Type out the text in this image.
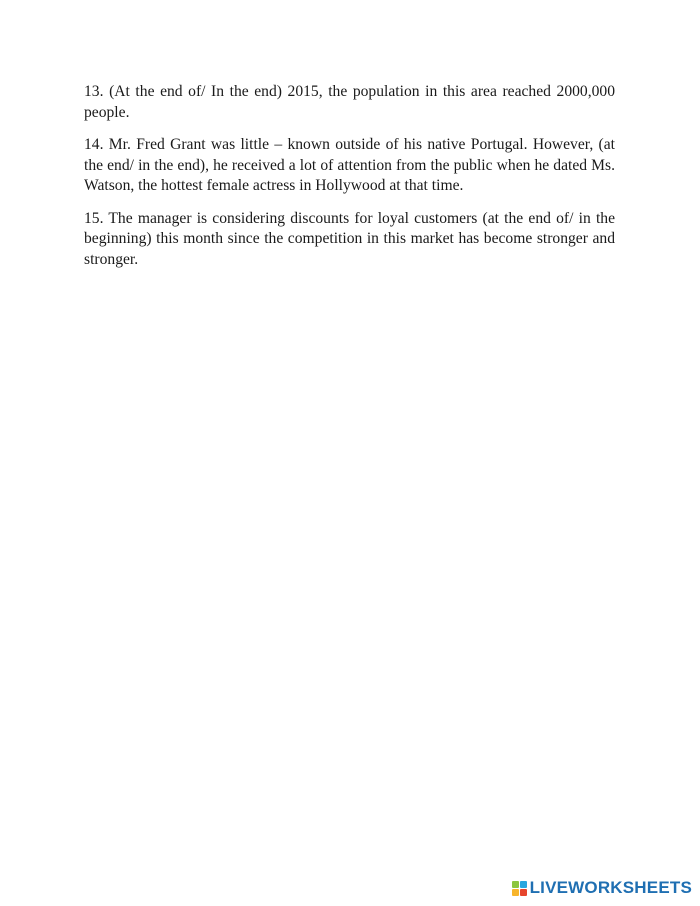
13. (At the end of/ In the end) 2015, the population in this area reached 2000,000 people.

14. Mr. Fred Grant was little – known outside of his native Portugal. However, (at the end/ in the end), he received a lot of attention from the public when he dated Ms. Watson, the hottest female actress in Hollywood at that time.

15. The manager is considering discounts for loyal customers (at the end of/ in the beginning) this month since the competition in this market has become stronger and stronger.

LIVEWORKSHEETS
